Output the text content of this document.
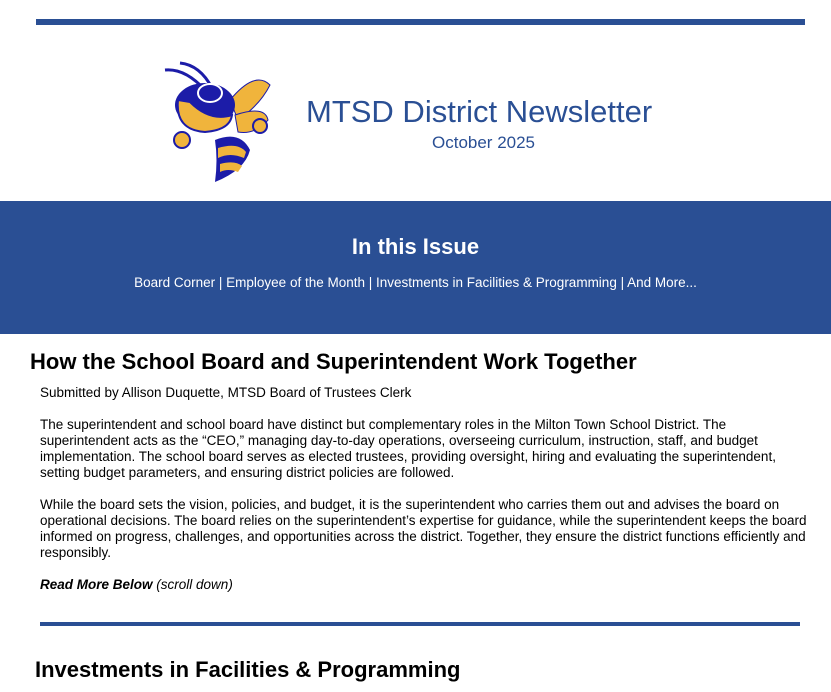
MTSD District Newsletter
October 2025
In this Issue

Board Corner | Employee of the Month | Investments in Facilities & Programming | And More...

How the School Board and Superintendent Work Together

Submitted by Allison Duquette, MTSD Board of Trustees Clerk

The superintendent and school board have distinct but complementary roles in the Milton Town School District. The superintendent acts as the “CEO,” managing day-to-day operations, overseeing curriculum, instruction, staff, and budget implementation. The school board serves as elected trustees, providing oversight, hiring and evaluating the superintendent, setting budget parameters, and ensuring district policies are followed.

While the board sets the vision, policies, and budget, it is the superintendent who carries them out and advises the board on operational decisions. The board relies on the superintendent’s expertise for guidance, while the superintendent keeps the board informed on progress, challenges, and opportunities across the district. Together, they ensure the district functions efficiently and responsibly.

Read More Below (scroll down)

Investments in Facilities & Programming
